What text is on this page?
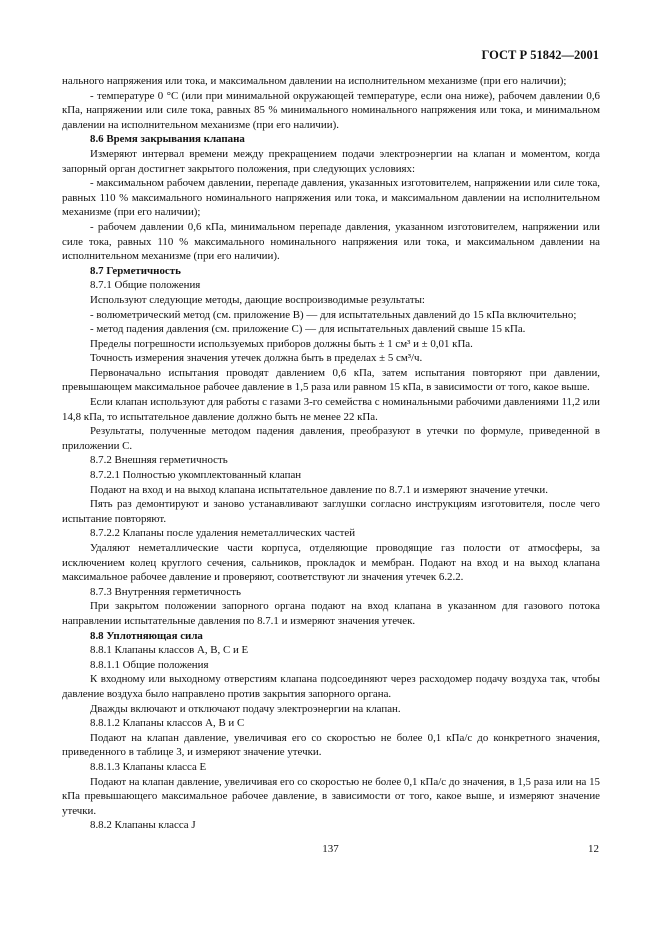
ГОСТ Р 51842—2001

нального напряжения или тока, и максимальном давлении на исполнительном механизме (при его наличии);

- температуре 0 °С (или при минимальной окружающей температуре, если она ниже), рабочем давлении 0,6 кПа, напряжении или силе тока, равных 85 % минимального номинального напряжения или тока, и минимальном давлении на исполнительном механизме (при его наличии).

8.6 Время закрывания клапана

Измеряют интервал времени между прекращением подачи электроэнергии на клапан и моментом, когда запорный орган достигнет закрытого положения, при следующих условиях:

- максимальном рабочем давлении, перепаде давления, указанных изготовителем, напряжении или силе тока, равных 110 % максимального номинального напряжения или тока, и максимальном давлении на исполнительном механизме (при его наличии);

- рабочем давлении 0,6 кПа, минимальном перепаде давления, указанном изготовителем, напряжении или силе тока, равных 110 % максимального номинального напряжения или тока, и максимальном давлении на исполнительном механизме (при его наличии).

8.7 Герметичность

8.7.1 Общие положения

Используют следующие методы, дающие воспроизводимые результаты:

- волюметрический метод (см. приложение В) — для испытательных давлений до 15 кПа включительно;

- метод падения давления (см. приложение С) — для испытательных давлений свыше 15 кПа.

Пределы погрешности используемых приборов должны быть ± 1 см³ и ± 0,01 кПа.

Точность измерения значения утечек должна быть в пределах ± 5 см³/ч.

Первоначально испытания проводят давлением 0,6 кПа, затем испытания повторяют при давлении, превышающем максимальное рабочее давление в 1,5 раза или равном 15 кПа, в зависимости от того, какое выше.

Если клапан используют для работы с газами 3-го семейства с номинальными рабочими давлениями 11,2 или 14,8 кПа, то испытательное давление должно быть не менее 22 кПа.

Результаты, полученные методом падения давления, преобразуют в утечки по формуле, приведенной в приложении С.

8.7.2 Внешняя герметичность

8.7.2.1 Полностью укомплектованный клапан

Подают на вход и на выход клапана испытательное давление по 8.7.1 и измеряют значение утечки.

Пять раз демонтируют и заново устанавливают заглушки согласно инструкциям изготовителя, после чего испытание повторяют.

8.7.2.2 Клапаны после удаления неметаллических частей

Удаляют неметаллические части корпуса, отделяющие проводящие газ полости от атмосферы, за исключением колец круглого сечения, сальников, прокладок и мембран. Подают на вход и на выход клапана максимальное рабочее давление и проверяют, соответствуют ли значения утечек 6.2.2.

8.7.3 Внутренняя герметичность

При закрытом положении запорного органа подают на вход клапана в указанном для газового потока направлении испытательные давления по 8.7.1 и измеряют значения утечек.

8.8 Уплотняющая сила

8.8.1 Клапаны классов А, В, С и Е

8.8.1.1 Общие положения

К входному или выходному отверстиям клапана подсоединяют через расходомер подачу воздуха так, чтобы давление воздуха было направлено против закрытия запорного органа.

Дважды включают и отключают подачу электроэнергии на клапан.

8.8.1.2 Клапаны классов А, В и С

Подают на клапан давление, увеличивая его со скоростью не более 0,1 кПа/с до конкретного значения, приведенного в таблице 3, и измеряют значение утечки.

8.8.1.3 Клапаны класса Е

Подают на клапан давление, увеличивая его со скоростью не более 0,1 кПа/с до значения, в 1,5 раза или на 15 кПа превышающего максимальное рабочее давление, в зависимости от того, какое выше, и измеряют значение утечки.

8.8.2 Клапаны класса J

137	12
